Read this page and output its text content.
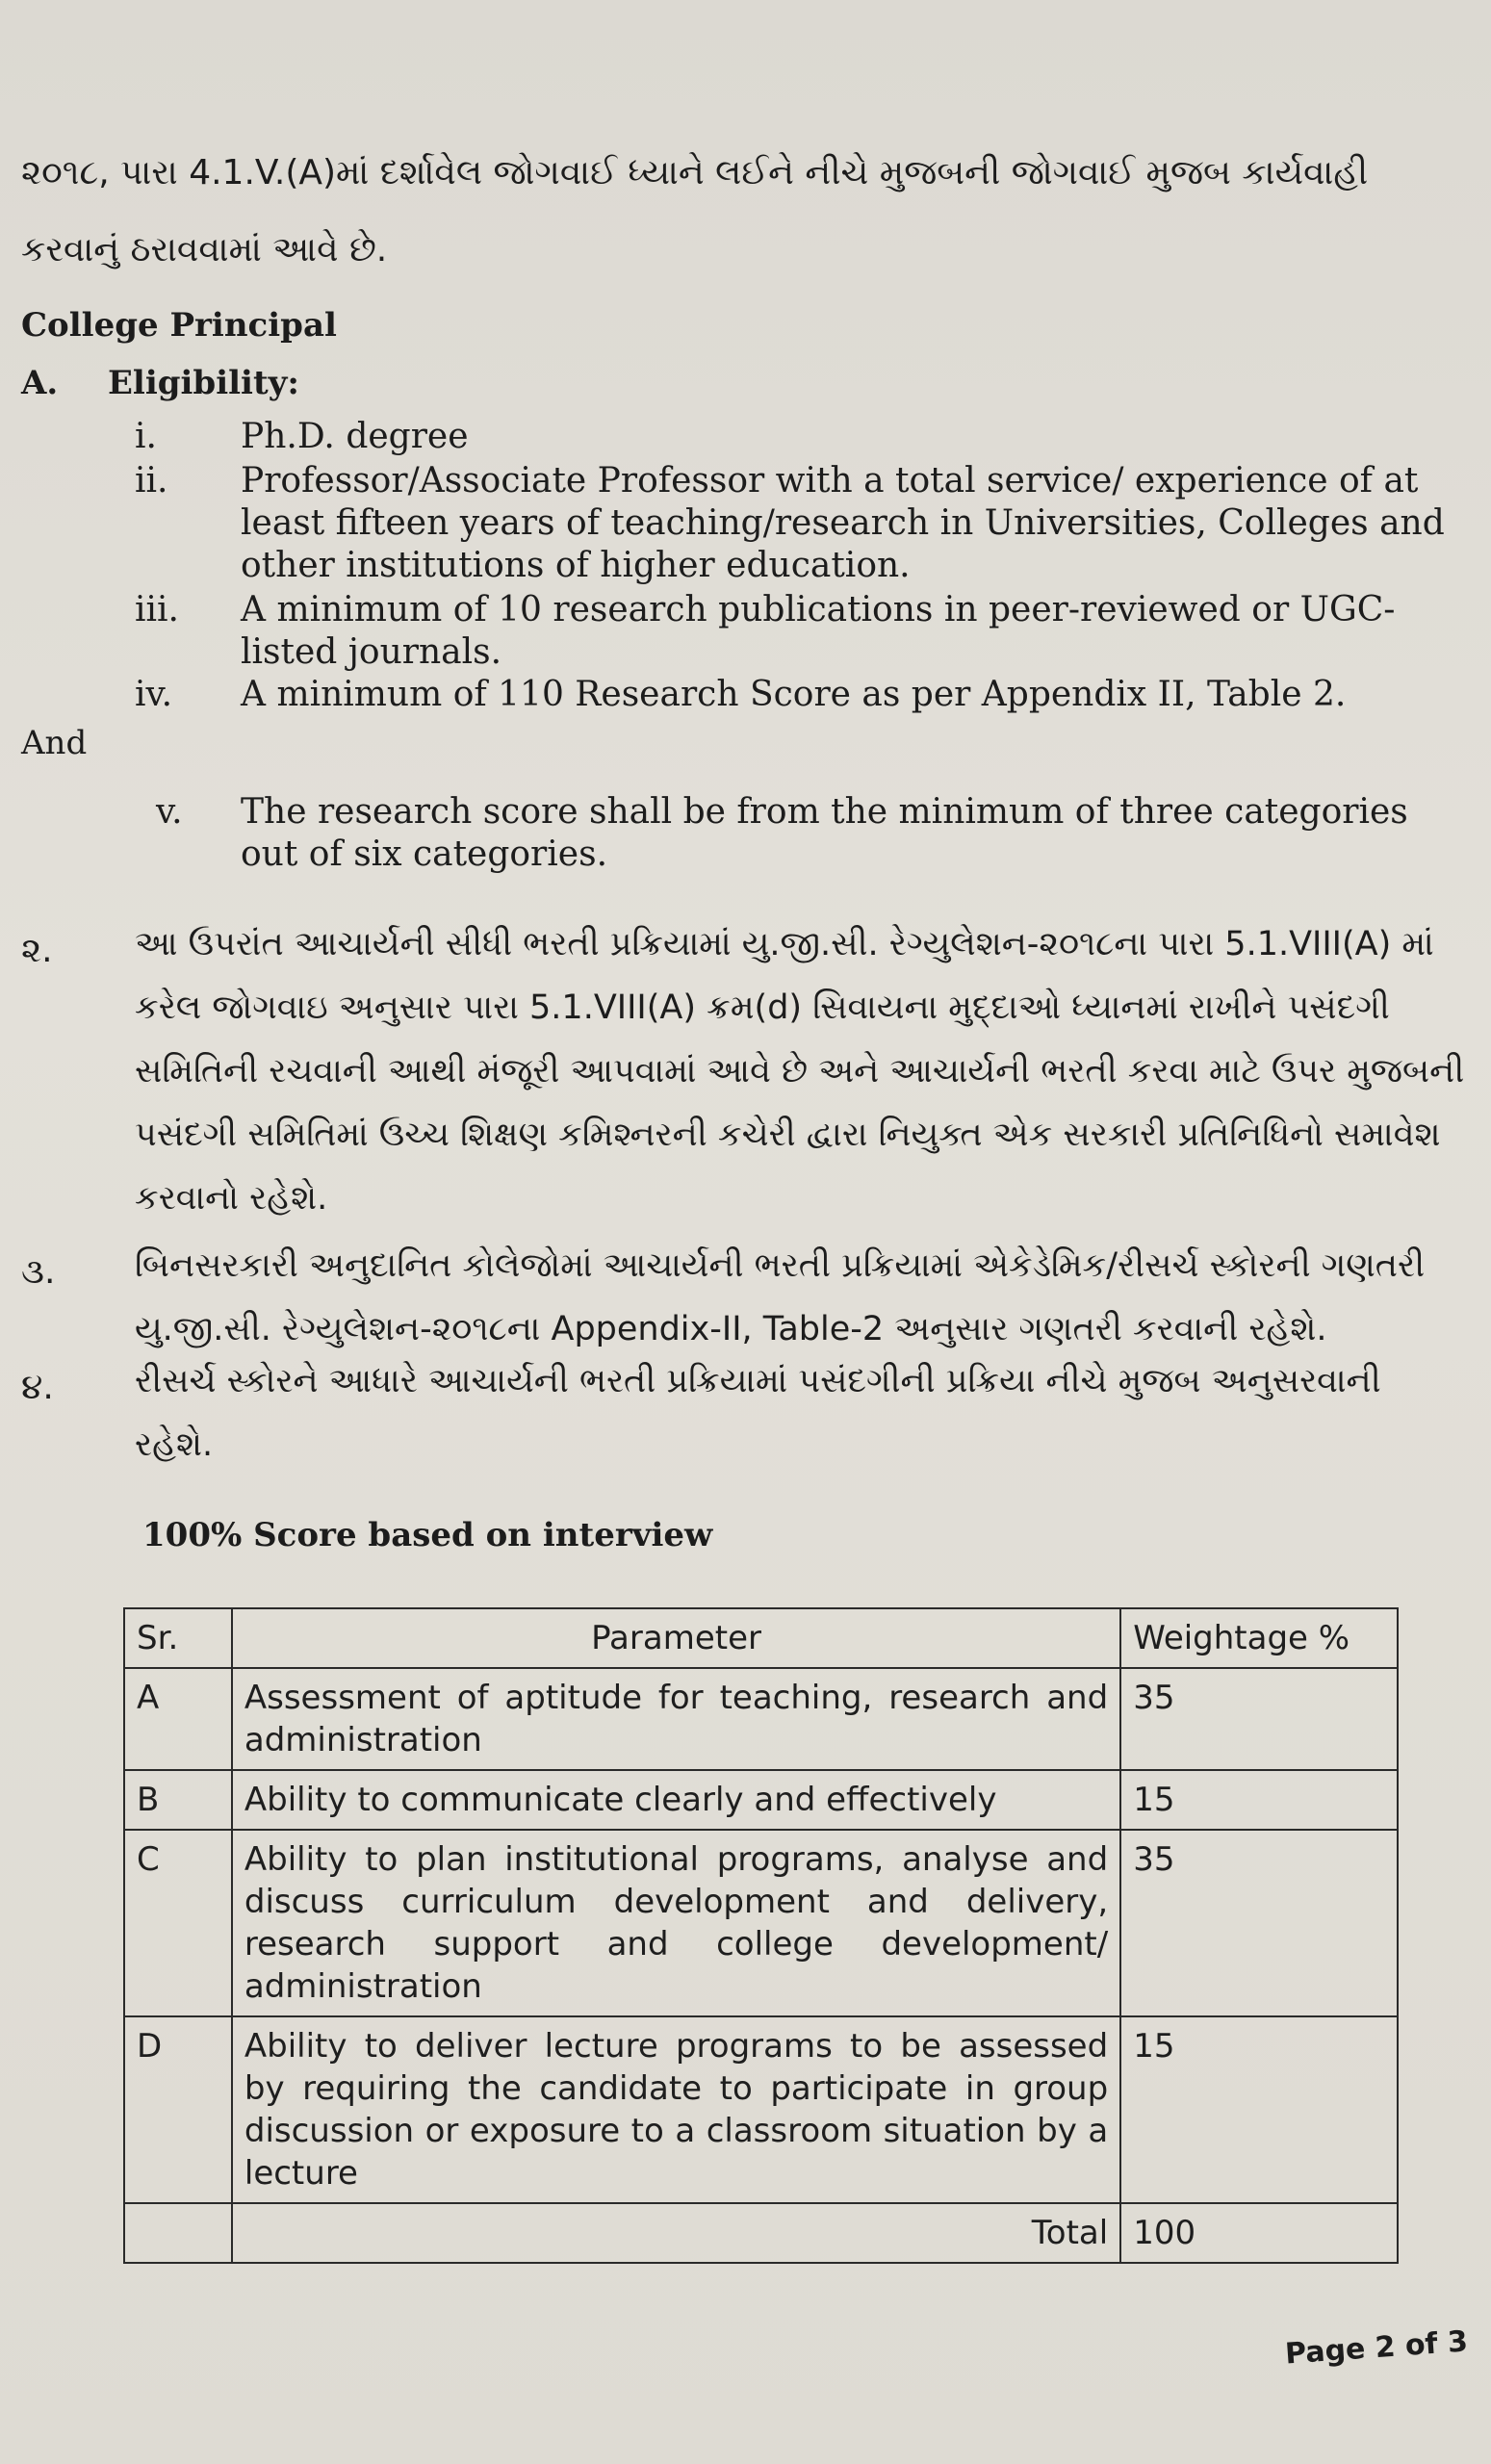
૨૦૧૮, પારા 4.1.V.(A)માં દર્શાવેલ જોગવાઈ ધ્યાને લઈને નીચે મુજબની જોગવાઈ મુજબ કાર્યવાહી
કરવાનું ઠરાવવામાં આવે છે.
College Principal
A. Eligibility:
i.	Ph.D. degree
ii.	Professor/Associate Professor with a total service/ experience of at least fifteen years of teaching/research in Universities, Colleges and other institutions of higher education.
iii.	A minimum of 10 research publications in peer-reviewed or UGC-listed journals.
iv.	A minimum of 110 Research Score as per Appendix II, Table 2.
And
v.	The research score shall be from the minimum of three categories out of six categories.
૨. આ ઉપરાંત આચાર્યની સીધી ભરતી પ્રક્રિયામાં યુ.જી.સી. રેગ્યુલેશન-૨૦૧૮ના પારા 5.1.VIII(A) માં કરેલ જોગવાઇ અનુસાર પારા 5.1.VIII(A) ક્રમ(d) સિવાયના મુદ્દાઓ ધ્યાનમાં રાખીને પસંદગી સમિતિની રચવાની આથી મંજૂરી આપવામાં આવે છે અને આચાર્યની ભરતી કરવા માટે ઉપર મુજબની પસંદગી સમિતિમાં ઉચ્ચ શિક્ષણ કમિશ્નરની કચેરી દ્વારા નિયુક્ત એક સરકારી પ્રતિનિધિનો સમાવેશ કરવાનો રહેશે.
૩. બિનસરકારી અનુદાનિત કોલેજોમાં આચાર્યની ભરતી પ્રક્રિયામાં એકેડેમિક/રીસર્ચ સ્કોરની ગણતરી યુ.જી.સી. રેગ્યુલેશન-૨૦૧૮ના Appendix-II, Table-2 અનુસાર ગણતરી કરવાની રહેશે.
૪. રીસર્ચ સ્કોરને આધારે આચાર્યની ભરતી પ્રક્રિયામાં પસંદગીની પ્રક્રિયા નીચે મુજબ અનુસરવાની રહેશે.
100% Score based on interview
Sr.	Parameter	Weightage %
A	Assessment of aptitude for teaching, research and administration	35
B	Ability to communicate clearly and effectively	15
C	Ability to plan institutional programs, analyse and discuss curriculum development and delivery, research support and college development/ administration	35
D	Ability to deliver lecture programs to be assessed by requiring the candidate to participate in group discussion or exposure to a classroom situation by a lecture	15
	Total	100
Page 2 of 3
